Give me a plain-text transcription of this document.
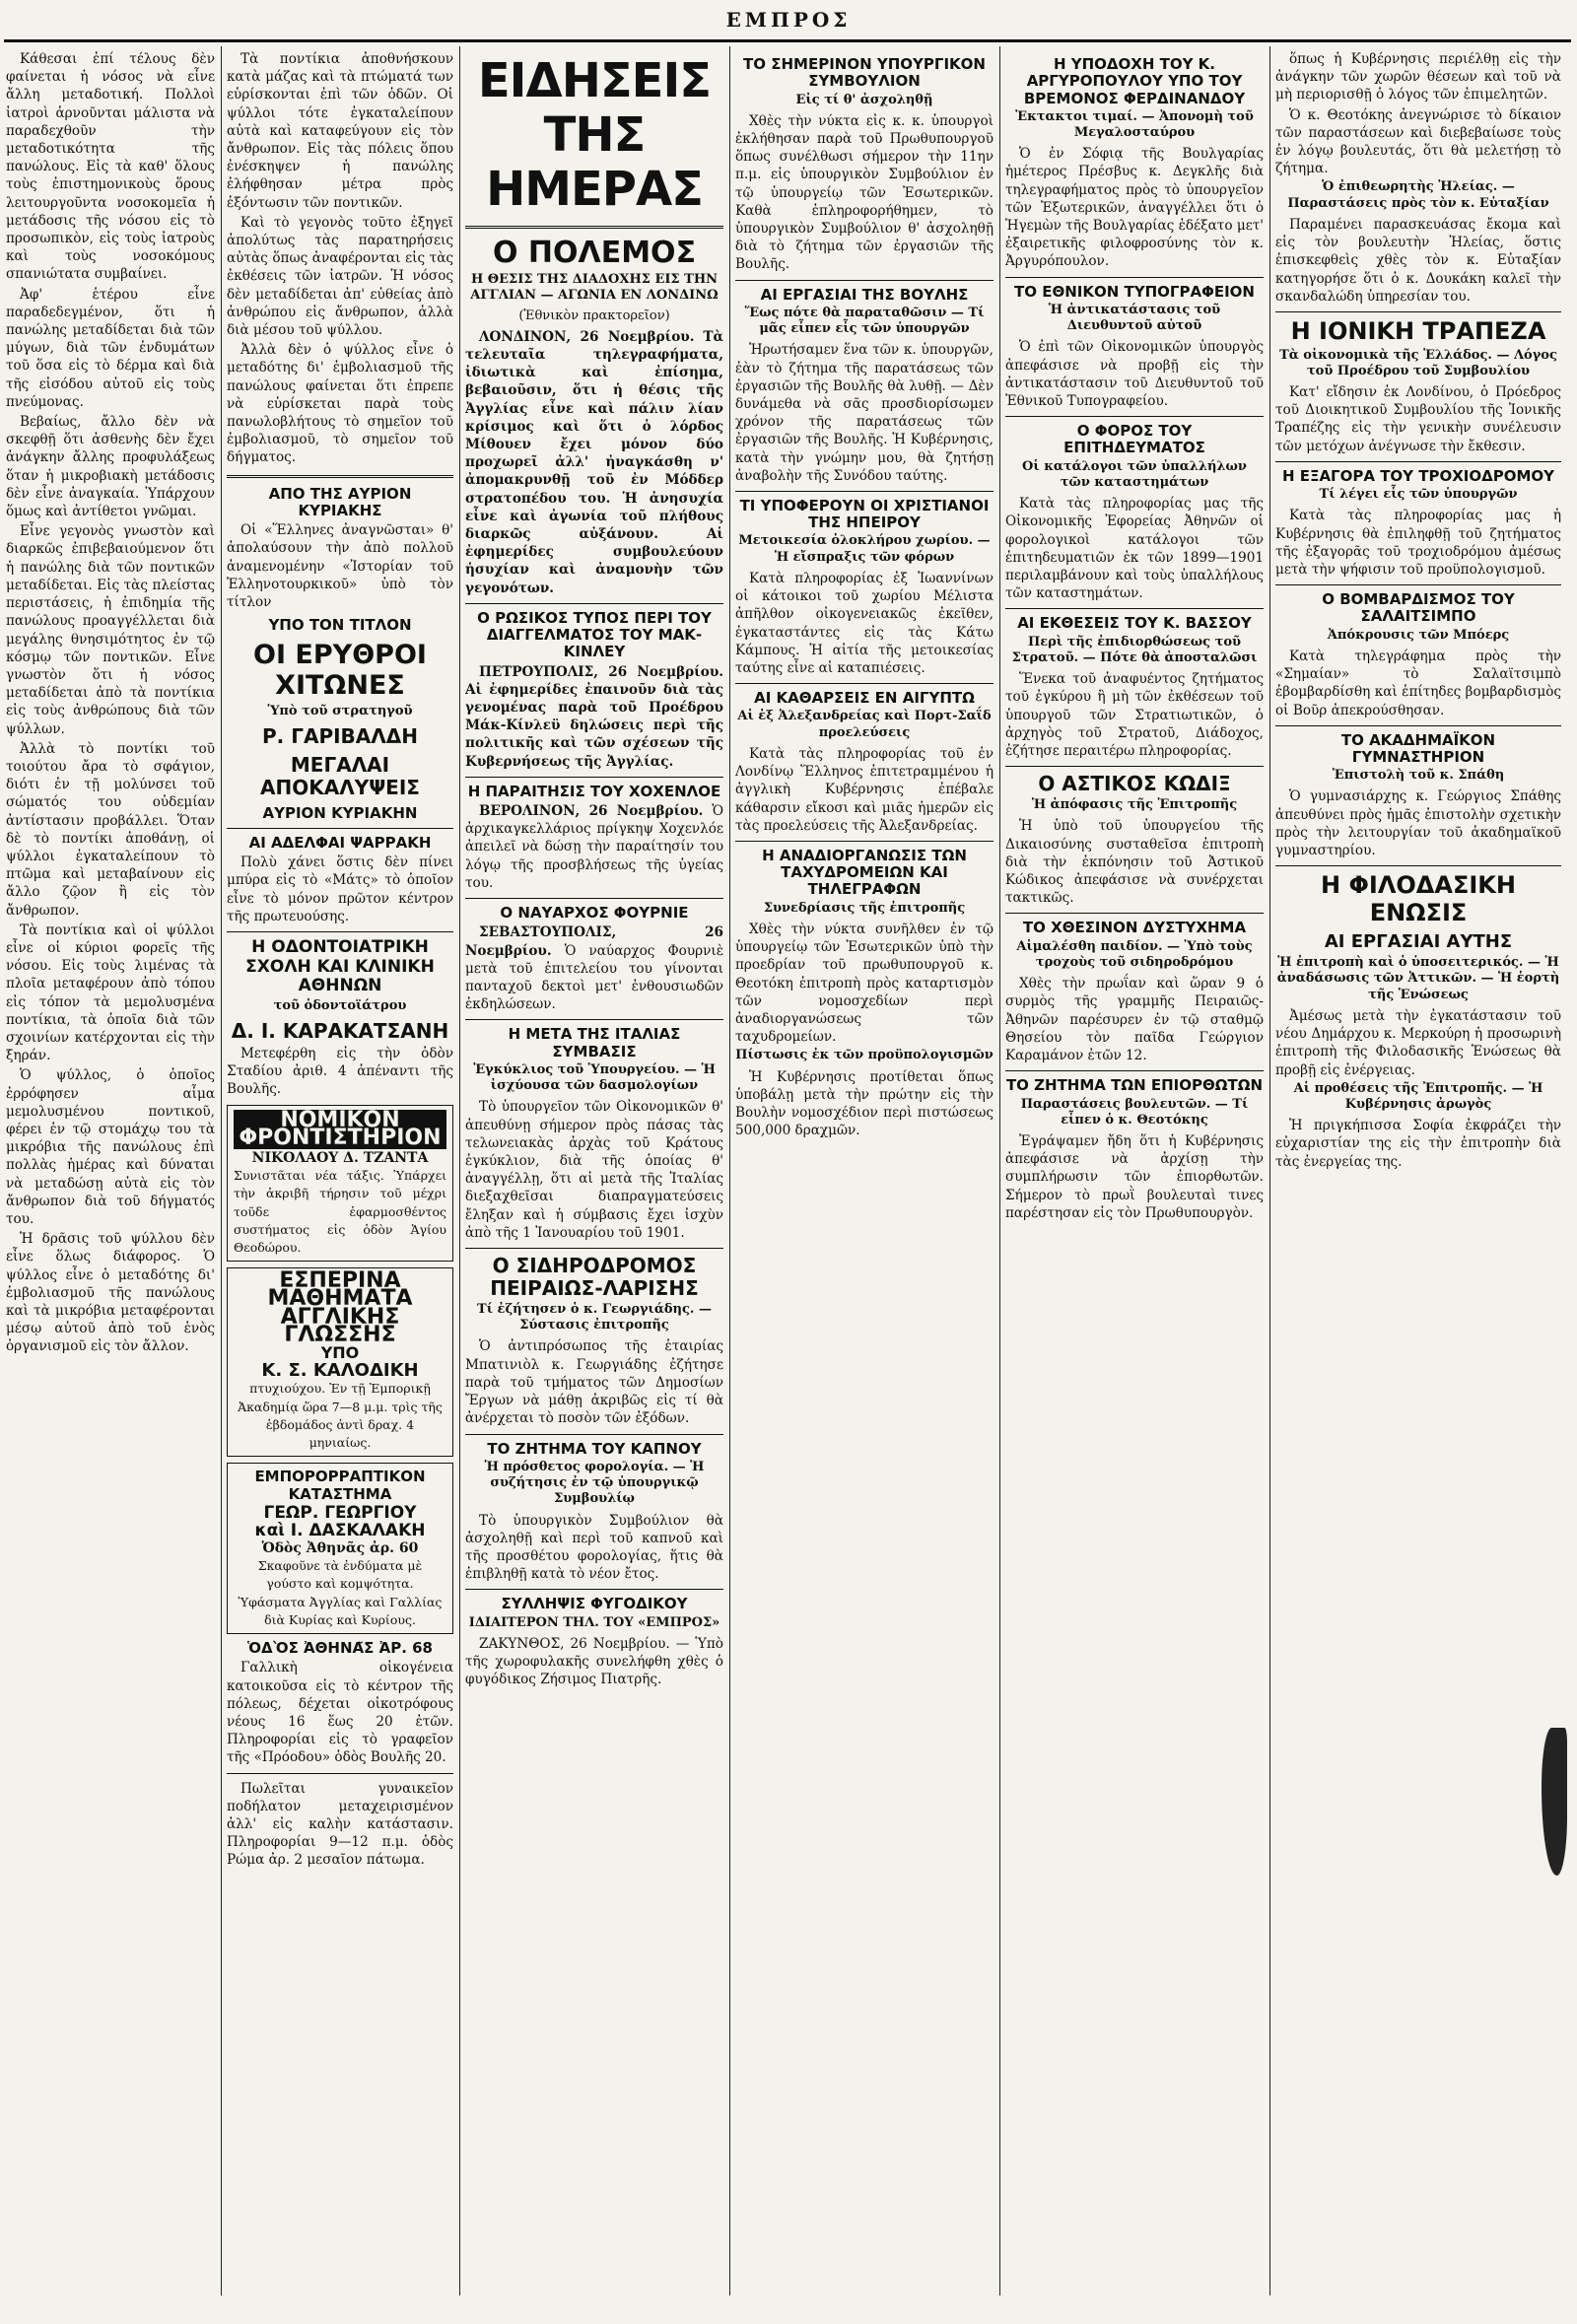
ΕΜΠΡΟΣ

Κάθεσαι ἐπί τέλους δὲν φαίνεται ἡ νόσος νὰ εἶνε ἄλλη μεταδοτική. Πολλοὶ ἰατροὶ ἀρνοῦνται μάλιστα νὰ παραδεχθοῦν τὴν μεταδοτικότητα τῆς πανώλους. Εἰς τὰ καθ' ὅλους τοὺς ἐπιστημονικοὺς ὅρους λειτουργοῦντα νοσοκομεῖα ἡ μετάδοσις τῆς νόσου εἰς τὸ προσωπικὸν, εἰς τοὺς ἰατροὺς καὶ τοὺς νοσοκόμους σπανιώτατα συμβαίνει.

Ἀφ' ἑτέρου εἶνε παραδεδεγμένον, ὅτι ἡ πανώλης μεταδίδεται διὰ τῶν μύγων, διὰ τῶν ἐνδυμάτων τοῦ ὅσα εἰς τὸ δέρμα καὶ διὰ τῆς εἰσόδου αὐτοῦ εἰς τοὺς πνεύμονας.

Βεβαίως, ἄλλο δὲν νὰ σκεφθῇ ὅτι ἀσθενὴς δὲν ἔχει ἀνάγκην ἄλλης προφυλάξεως ὅταν ἡ μικροβιακὴ μετάδοσις δὲν εἶνε ἀναγκαία. Ὑπάρχουν ὅμως καὶ ἀντίθετοι γνῶμαι.

Εἶνε γεγονὸς γνωστὸν καὶ διαρκῶς ἐπιβεβαιούμενον ὅτι ἡ πανώλης διὰ τῶν ποντικῶν μεταδίδεται. Εἰς τὰς πλείστας περιστάσεις, ἡ ἐπιδημία τῆς πανώλους προαγγέλλεται διὰ μεγάλης θνησιμότητος ἐν τῷ κόσμῳ τῶν ποντικῶν. Εἶνε γνωστὸν ὅτι ἡ νόσος μεταδίδεται ἀπὸ τὰ ποντίκια εἰς τοὺς ἀνθρώπους διὰ τῶν ψύλλων.

Ἀλλὰ τὸ ποντίκι τοῦ τοιούτου ἄρα τὸ σφάγιον, διότι ἐν τῇ μολύνσει τοῦ σώματός του οὐδεμίαν ἀντίστασιν προβάλλει. Ὅταν δὲ τὸ ποντίκι ἀποθάνῃ, οἱ ψύλλοι ἐγκαταλείπουν τὸ πτῶμα καὶ μεταβαίνουν εἰς ἄλλο ζῷον ἢ εἰς τὸν ἄνθρωπον.

Τὰ ποντίκια καὶ οἱ ψύλλοι εἶνε οἱ κύριοι φορεῖς τῆς νόσου. Εἰς τοὺς λιμένας τὰ πλοῖα μεταφέρουν ἀπὸ τόπου εἰς τόπον τὰ μεμολυσμένα ποντίκια, τὰ ὁποῖα διὰ τῶν σχοινίων κατέρχονται εἰς τὴν ξηράν.

Ὁ ψύλλος, ὁ ὁποῖος ἐρρόφησεν αἷμα μεμολυσμένου ποντικοῦ, φέρει ἐν τῷ στομάχῳ του τὰ μικρόβια τῆς πανώλους ἐπὶ πολλὰς ἡμέρας καὶ δύναται νὰ μεταδώσῃ αὐτὰ εἰς τὸν ἄνθρωπον διὰ τοῦ δήγματός του.

Ἡ δρᾶσις τοῦ ψύλλου δὲν εἶνε ὅλως διάφορος. Ὁ ψύλλος εἶνε ὁ μεταδότης δι' ἐμβολιασμοῦ τῆς πανώλους καὶ τὰ μικρόβια μεταφέρονται μέσῳ αὐτοῦ ἀπὸ τοῦ ἑνὸς ὀργανισμοῦ εἰς τὸν ἄλλον.

Τὰ ποντίκια ἀποθνήσκουν κατὰ μάζας καὶ τὰ πτώματά των εὑρίσκονται ἐπὶ τῶν ὁδῶν. Οἱ ψύλλοι τότε ἐγκαταλείπουν αὐτὰ καὶ καταφεύγουν εἰς τὸν ἄνθρωπον. Εἰς τὰς πόλεις ὅπου ἐνέσκηψεν ἡ πανώλης ἐλήφθησαν μέτρα πρὸς ἐξόντωσιν τῶν ποντικῶν.

Καὶ τὸ γεγονὸς τοῦτο ἐξηγεῖ ἀπολύτως τὰς παρατηρήσεις αὐτὰς ὅπως ἀναφέρονται εἰς τὰς ἐκθέσεις τῶν ἰατρῶν. Ἡ νόσος δὲν μεταδίδεται ἀπ' εὐθείας ἀπὸ ἀνθρώπου εἰς ἄνθρωπον, ἀλλὰ διὰ μέσου τοῦ ψύλλου.

Ἀλλὰ δὲν ὁ ψύλλος εἶνε ὁ μεταδότης δι' ἐμβολιασμοῦ τῆς πανώλους φαίνεται ὅτι ἐπρεπε νὰ εὑρίσκεται παρὰ τοὺς πανωλοβλήτους τὸ σημεῖον τοῦ ἐμβολιασμοῦ, τὸ σημεῖον τοῦ δήγματος.

ΑΠΟ ΤΗΣ ΑΥΡΙΟΝ ΚΥΡΙΑΚΗΣ

Οἱ «Ἕλληνες ἀναγνῶσται» θ' ἀπολαύσουν τὴν ἀπὸ πολλοῦ ἀναμενομένην «Ἱστορίαν τοῦ Ἑλληνοτουρκικοῦ» ὑπὸ τὸν τίτλον

ΥΠΟ ΤΟΝ ΤΙΤΛΟΝ
ΟΙ ΕΡΥΘΡΟΙ ΧΙΤΩΝΕΣ
Ὑπὸ τοῦ στρατηγοῦ
Ρ. ΓΑΡΙΒΑΛΔΗ
ΜΕΓΑΛΑΙ ΑΠΟΚΑΛΥΨΕΙΣ
ΑΥΡΙΟΝ ΚΥΡΙΑΚΗΝ
ΑΙ ΑΔΕΛΦΑΙ ΨΑΡΡΑΚΗ

Πολὺ χάνει ὅστις δὲν πίνει μπύρα εἰς τὸ «Μάτς» τὸ ὁποῖον εἶνε τὸ μόνον πρῶτον κέντρον τῆς πρωτευούσης.

Η ΟΔΟΝΤΟΙΑΤΡΙΚΗ ΣΧΟΛΗ ΚΑΙ ΚΛΙΝΙΚΗ ΑΘΗΝΩΝ
τοῦ ὀδοντοϊάτρου
Δ. Ι. ΚΑΡΑΚΑΤΣΑΝΗ

Μετεφέρθη εἰς τὴν ὁδὸν Σταδίου ἀριθ. 4 ἀπέναντι τῆς Βουλῆς.

ΝΟΜΙΚΟΝ ΦΡΟΝΤΙΣΤΗΡΙΟΝ
ΝΙΚΟΛΑΟΥ Δ. ΤΖΑΝΤΑ
Συνιστᾶται νέα τάξις. Ὑπάρχει τὴν ἀκριβῆ τήρησιν τοῦ μέχρι τοῦδε ἐφαρμοσθέντος συστήματος εἰς ὁδὸν Ἁγίου Θεοδώρου.
ΕΣΠΕΡΙΝΑ ΜΑΘΗΜΑΤΑ ΑΓΓΛΙΚΗΣ ΓΛΩΣΣΗΣ
ΥΠΟ
Κ. Σ. ΚΑΛΟΔΙΚΗ
πτυχιούχου. Ἐν τῇ Ἐμπορικῇ Ἀκαδημίᾳ ὥρα 7—8 μ.μ. τρὶς τῆς ἑβδομάδος ἀντὶ δραχ. 4 μηνιαίως.
ΕΜΠΟΡΟΡΡΑΠΤΙΚΟΝ ΚΑΤΑΣΤΗΜΑ
ΓΕΩΡ. ΓΕΩΡΓΙΟΥ
καὶ Ι. ΔΑΣΚΑΛΑΚΗ
Ὁδὸς Ἀθηνᾶς ἀρ. 60
Σκαφοῦνε τὰ ἐνδύματα μὲ γούστο καὶ κομψότητα. Ὑφάσματα Ἀγγλίας καὶ Γαλλίας διὰ Κυρίας καὶ Κυρίους.
ὉΔῸΣ ἈΘΗΝΑ͂Σ ἈΡ. 68

Γαλλικὴ οἰκογένεια κατοικοῦσα εἰς τὸ κέντρον τῆς πόλεως, δέχεται οἰκοτρόφους νέους 16 ἕως 20 ἐτῶν. Πληροφορίαι εἰς τὸ γραφεῖον τῆς «Πρόοδου» ὁδὸς Βουλῆς 20.

Πωλεῖται γυναικεῖον ποδήλατον μεταχειρισμένον ἀλλ' εἰς καλὴν κατάστασιν. Πληροφορίαι 9—12 π.μ. ὁδὸς Ρώμα ἀρ. 2 μεσαῖον πάτωμα.

ΕΙΔΗΣΕΙΣ ΤΗΣ ΗΜΕΡΑΣ
Ο ΠΟΛΕΜΟΣ
Η ΘΕΣΙΣ ΤΗΣ ΔΙΑΔΟΧΗΣ ΕΙΣ ΤΗΝ ΑΓΓΛΙΑΝ — ΑΓΩΝΙΑ ΕΝ ΛΟΝΔΙΝΩ
(Ἐθνικὸν πρακτορεῖον)

ΛΟΝΔΙΝΟΝ, 26 Νοεμβρίου. Τὰ τελευταῖα τηλεγραφήματα, ἰδιωτικὰ καὶ ἐπίσημα, βεβαιοῦσιν, ὅτι ἡ θέσις τῆς Ἀγγλίας εἶνε καὶ πάλιν λίαν κρίσιμος καὶ ὅτι ὁ λόρδος Μίθουεν ἔχει μόνον δύο προχωρεῖ ἀλλ' ἠναγκάσθη ν' ἀπομακρυνθῇ τοῦ ἐν Μόδδερ στρατοπέδου του. Ἡ ἀνησυχία εἶνε καὶ ἀγωνία τοῦ πλήθους διαρκῶς αὐξάνουν. Αἱ ἐφημερίδες συμβουλεύουν ἡσυχίαν καὶ ἀναμονὴν τῶν γεγονότων.

Ο ΡΩΣΙΚΟΣ ΤΥΠΟΣ ΠΕΡΙ ΤΟΥ ΔΙΑΓΓΕΛΜΑΤΟΣ ΤΟΥ ΜΑΚ-ΚΙΝΛΕΥ

ΠΕΤΡΟΥΠΟΛΙΣ, 26 Νοεμβρίου. Αἱ ἐφημερίδες ἐπαινοῦν διὰ τὰς γενομένας παρὰ τοῦ Προέδρου Μάκ-Κίνλεϋ δηλώσεις περὶ τῆς πολιτικῆς καὶ τῶν σχέσεων τῆς Κυβερνήσεως τῆς Ἀγγλίας.

Η ΠΑΡΑΙΤΗΣΙΣ ΤΟΥ ΧΟΧΕΝΛΟΕ

ΒΕΡΟΛΙΝΟΝ, 26 Νοεμβρίου. Ὁ ἀρχικαγκελλάριος πρίγκηψ Χοχενλόε ἀπειλεῖ νὰ δώσῃ τὴν παραίτησίν του λόγῳ τῆς προσβλήσεως τῆς ὑγείας του.

Ο ΝΑΥΑΡΧΟΣ ΦΟΥΡΝΙΕ

ΣΕΒΑΣΤΟΥΠΟΛΙΣ, 26 Νοεμβρίου. Ὁ ναύαρχος Φουρνιὲ μετὰ τοῦ ἐπιτελείου του γίνονται πανταχοῦ δεκτοὶ μετ' ἐνθουσιωδῶν ἐκδηλώσεων.

Η ΜΕΤΑ ΤΗΣ ΙΤΑΛΙΑΣ ΣΥΜΒΑΣΙΣ
Ἐγκύκλιος τοῦ Ὑπουργείου. — Ἡ ἰσχύουσα τῶν δασμολογίων

Τὸ ὑπουργεῖον τῶν Οἰκονομικῶν θ' ἀπευθύνῃ σήμερον πρὸς πάσας τὰς τελωνειακὰς ἀρχὰς τοῦ Κράτους ἐγκύκλιον, διὰ τῆς ὁποίας θ' ἀναγγέλλῃ, ὅτι αἱ μετὰ τῆς Ἰταλίας διεξαχθεῖσαι διαπραγματεύσεις ἔληξαν καὶ ἡ σύμβασις ἔχει ἰσχὺν ἀπὸ τῆς 1 Ἰανουαρίου τοῦ 1901.

Ο ΣΙΔΗΡΟΔΡΟΜΟΣ ΠΕΙΡΑΙΩΣ-ΛΑΡΙΣΗΣ
Τί ἐζήτησεν ὁ κ. Γεωργιάδης. — Σύστασις ἐπιτροπῆς

Ὁ ἀντιπρόσωπος τῆς ἑταιρίας Μπατινιὸλ κ. Γεωργιάδης ἐζήτησε παρὰ τοῦ τμήματος τῶν Δημοσίων Ἔργων νὰ μάθῃ ἀκριβῶς εἰς τί θὰ ἀνέρχεται τὸ ποσὸν τῶν ἐξόδων.

ΤΟ ΖΗΤΗΜΑ ΤΟΥ ΚΑΠΝΟΥ
Ἡ πρόσθετος φορολογία. — Ἡ συζήτησις ἐν τῷ ὑπουργικῷ Συμβουλίῳ

Τὸ ὑπουργικὸν Συμβούλιον θὰ ἀσχοληθῇ καὶ περὶ τοῦ καπνοῦ καὶ τῆς προσθέτου φορολογίας, ἥτις θὰ ἐπιβληθῇ κατὰ τὸ νέον ἔτος.

ΣΥΛΛΗΨΙΣ ΦΥΓΟΔΙΚΟΥ
ΙΔΙΑΙΤΕΡΟΝ ΤΗΛ. ΤΟΥ «ΕΜΠΡΟΣ»

ΖΑΚΥΝΘΟΣ, 26 Νοεμβρίου. — Ὑπὸ τῆς χωροφυλακῆς συνελήφθη χθὲς ὁ φυγόδικος Ζήσιμος Πιατρῆς.

ΤΟ ΣΗΜΕΡΙΝΟΝ ΥΠΟΥΡΓΙΚΟΝ ΣΥΜΒΟΥΛΙΟΝ
Εἰς τί θ' ἀσχοληθῇ

Χθὲς τὴν νύκτα εἰς κ. κ. ὑπουργοὶ ἐκλήθησαν παρὰ τοῦ Πρωθυπουργοῦ ὅπως συνέλθωσι σήμερον τὴν 11ην π.μ. εἰς ὑπουργικὸν Συμβούλιον ἐν τῷ ὑπουργείῳ τῶν Ἐσωτερικῶν. Καθὰ ἐπληροφορήθημεν, τὸ ὑπουργικὸν Συμβούλιον θ' ἀσχοληθῇ διὰ τὸ ζήτημα τῶν ἐργασιῶν τῆς Βουλῆς.

ΑΙ ΕΡΓΑΣΙΑΙ ΤΗΣ ΒΟΥΛΗΣ
Ἕως πότε θὰ παραταθῶσιν — Τί μᾶς εἶπεν εἷς τῶν ὑπουργῶν

Ἠρωτήσαμεν ἕνα τῶν κ. ὑπουργῶν, ἐὰν τὸ ζήτημα τῆς παρατάσεως τῶν ἐργασιῶν τῆς Βουλῆς θὰ λυθῇ. — Δὲν δυνάμεθα νὰ σᾶς προσδιορίσωμεν χρόνον τῆς παρατάσεως τῶν ἐργασιῶν τῆς Βουλῆς. Ἡ Κυβέρνησις, κατὰ τὴν γνώμην μου, θὰ ζητήσῃ ἀναβολὴν τῆς Συνόδου ταύτης.

ΤΙ ΥΠΟΦΕΡΟΥΝ ΟΙ ΧΡΙΣΤΙΑΝΟΙ ΤΗΣ ΗΠΕΙΡΟΥ
Μετοικεσία ὁλοκλήρου χωρίου. — Ἡ εἴσπραξις τῶν φόρων

Κατὰ πληροφορίας ἐξ Ἰωαννίνων οἱ κάτοικοι τοῦ χωρίου Μέλιστα ἀπῆλθον οἰκογενειακῶς ἐκεῖθεν, ἐγκαταστάντες εἰς τὰς Κάτω Κάμπους. Ἡ αἰτία τῆς μετοικεσίας ταύτης εἶνε αἱ καταπιέσεις.

ΑΙ ΚΑΘΑΡΣΕΙΣ ΕΝ ΑΙΓΥΠΤΩ
Αἱ ἐξ Ἀλεξανδρείας καὶ Πορτ-Σαΐδ προελεύσεις

Κατὰ τὰς πληροφορίας τοῦ ἐν Λονδίνῳ Ἕλληνος ἐπιτετραμμένου ἡ ἀγγλικὴ Κυβέρνησις ἐπέβαλε κάθαρσιν εἴκοσι καὶ μιᾶς ἡμερῶν εἰς τὰς προελεύσεις τῆς Ἀλεξανδρείας.

Η ΑΝΑΔΙΟΡΓΑΝΩΣΙΣ ΤΩΝ ΤΑΧΥΔΡΟΜΕΙΩΝ ΚΑΙ ΤΗΛΕΓΡΑΦΩΝ
Συνεδρίασις τῆς ἐπιτροπῆς

Χθὲς τὴν νύκτα συνῆλθεν ἐν τῷ ὑπουργείῳ τῶν Ἐσωτερικῶν ὑπὸ τὴν προεδρίαν τοῦ πρωθυπουργοῦ κ. Θεοτόκη ἐπιτροπὴ πρὸς καταρτισμὸν τῶν νομοσχεδίων περὶ ἀναδιοργανώσεως τῶν ταχυδρομείων.

Πίστωσις ἐκ τῶν προϋπολογισμῶν

Ἡ Κυβέρνησις προτίθεται ὅπως ὑποβάλῃ μετὰ τὴν πρώτην εἰς τὴν Βουλὴν νομοσχέδιον περὶ πιστώσεως 500,000 δραχμῶν.

Η ΥΠΟΔΟΧΗ ΤΟΥ Κ. ΑΡΓΥΡΟΠΟΥΛΟΥ ΥΠΟ ΤΟΥ ΒΡΕΜΟΝΟΣ ΦΕΡΔΙΝΑΝΔΟΥ
Ἐκτακτοι τιμαί. — Ἀπονομὴ τοῦ Μεγαλοσταύρου

Ὁ ἐν Σόφιᾳ τῆς Βουλγαρίας ἡμέτερος Πρέσβυς κ. Δεγκλῆς διὰ τηλεγραφήματος πρὸς τὸ ὑπουργεῖον τῶν Ἐξωτερικῶν, ἀναγγέλλει ὅτι ὁ Ἡγεμὼν τῆς Βουλγαρίας ἐδέξατο μετ' ἐξαιρετικῆς φιλοφροσύνης τὸν κ. Ἀργυρόπουλον.

ΤΟ ΕΘΝΙΚΟΝ ΤΥΠΟΓΡΑΦΕΙΟΝ
Ἡ ἀντικατάστασις τοῦ Διευθυντοῦ αὐτοῦ

Ὁ ἐπὶ τῶν Οἰκονομικῶν ὑπουργὸς ἀπεφάσισε νὰ προβῇ εἰς τὴν ἀντικατάστασιν τοῦ Διευθυντοῦ τοῦ Ἐθνικοῦ Τυπογραφείου.

Ο ΦΟΡΟΣ ΤΟΥ ΕΠΙΤΗΔΕΥΜΑΤΟΣ
Οἱ κατάλογοι τῶν ὑπαλλήλων τῶν καταστημάτων

Κατὰ τὰς πληροφορίας μας τῆς Οἰκονομικῆς Ἐφορείας Ἀθηνῶν οἱ φορολογικοὶ κατάλογοι τῶν ἐπιτηδευματιῶν ἐκ τῶν 1899—1901 περιλαμβάνουν καὶ τοὺς ὑπαλλήλους τῶν καταστημάτων.

ΑΙ ΕΚΘΕΣΕΙΣ ΤΟΥ Κ. ΒΑΣΣΟΥ
Περὶ τῆς ἐπιδιορθώσεως τοῦ Στρατοῦ. — Πότε θὰ ἀποσταλῶσι

Ἕνεκα τοῦ ἀναφυέντος ζητήματος τοῦ ἐγκύρου ἢ μὴ τῶν ἐκθέσεων τοῦ ὑπουργοῦ τῶν Στρατιωτικῶν, ὁ ἀρχηγὸς τοῦ Στρατοῦ, Διάδοχος, ἐζήτησε περαιτέρω πληροφορίας.

Ο ΑΣΤΙΚΟΣ ΚΩΔΙΞ
Ἡ ἀπόφασις τῆς Ἐπιτροπῆς

Ἡ ὑπὸ τοῦ ὑπουργείου τῆς Δικαιοσύνης συσταθεῖσα ἐπιτροπὴ διὰ τὴν ἐκπόνησιν τοῦ Ἀστικοῦ Κώδικος ἀπεφάσισε νὰ συνέρχεται τακτικῶς.

ΤΟ ΧΘΕΣΙΝΟΝ ΔΥΣΤΥΧΗΜΑ
Αἱμαλέσθη παιδίον. — Ὑπὸ τοὺς τροχοὺς τοῦ σιδηροδρόμου

Χθὲς τὴν πρωΐαν καὶ ὥραν 9 ὁ συρμὸς τῆς γραμμῆς Πειραιῶς-Ἀθηνῶν παρέσυρεν ἐν τῷ σταθμῷ Θησείου τὸν παῖδα Γεώργιον Καραμάνον ἐτῶν 12.

ΤΟ ΖΗΤΗΜΑ ΤΩΝ ΕΠΙΟΡΘΩΤΩΝ
Παραστάσεις βουλευτῶν. — Τί εἶπεν ὁ κ. Θεοτόκης

Ἐγράψαμεν ἤδη ὅτι ἡ Κυβέρνησις ἀπεφάσισε νὰ ἀρχίσῃ τὴν συμπλήρωσιν τῶν ἐπιορθωτῶν. Σήμερον τὸ πρωῒ βουλευταὶ τινες παρέστησαν εἰς τὸν Πρωθυπουργὸν.

ὅπως ἡ Κυβέρνησις περιέλθῃ εἰς τὴν ἀνάγκην τῶν χωρῶν θέσεων καὶ τοῦ νὰ μὴ περιορισθῇ ὁ λόγος τῶν ἐπιμελητῶν.

Ὁ κ. Θεοτόκης ἀνεγνώρισε τὸ δίκαιον τῶν παραστάσεων καὶ διεβεβαίωσε τοὺς ἐν λόγῳ βουλευτάς, ὅτι θὰ μελετήσῃ τὸ ζήτημα.

Ὁ ἐπιθεωρητὴς Ἠλείας. — Παραστάσεις πρὸς τὸν κ. Εὐταξίαν

Παραμένει παρασκευάσας ἔκομα καὶ εἰς τὸν βουλευτὴν Ἠλείας, ὅστις ἐπισκεφθεὶς χθὲς τὸν κ. Εὐταξίαν κατηγορήσε ὅτι ὁ κ. Δουκάκη καλεῖ τὴν σκανδαλώδη ὑπηρεσίαν του.

Η ΙΟΝΙΚΗ ΤΡΑΠΕΖΑ
Τὰ οἰκονομικὰ τῆς Ἑλλάδος. — Λόγος τοῦ Προέδρου τοῦ Συμβουλίου

Κατ' εἴδησιν ἐκ Λονδίνου, ὁ Πρόεδρος τοῦ Διοικητικοῦ Συμβουλίου τῆς Ἰονικῆς Τραπέζης εἰς τὴν γενικὴν συνέλευσιν τῶν μετόχων ἀνέγνωσε τὴν ἔκθεσιν.

Η ΕΞΑΓΟΡΑ ΤΟΥ ΤΡΟΧΙΟΔΡΟΜΟΥ
Τί λέγει εἷς τῶν ὑπουργῶν

Κατὰ τὰς πληροφορίας μας ἡ Κυβέρνησις θὰ ἐπιληφθῇ τοῦ ζητήματος τῆς ἐξαγορᾶς τοῦ τροχιοδρόμου ἀμέσως μετὰ τὴν ψήφισιν τοῦ προϋπολογισμοῦ.

Ο ΒΟΜΒΑΡΔΙΣΜΟΣ ΤΟΥ ΣΑΛΑΙΤΣΙΜΠΟ
Ἀπόκρουσις τῶν Μπόερς

Κατὰ τηλεγράφημα πρὸς τὴν «Σημαίαν» τὸ Σαλαϊτσιμπὸ ἐβομβαρδίσθη καὶ ἐπίτηδες βομβαρδισμὸς οἱ Βοῦρ ἀπεκρούσθησαν.

ΤΟ ΑΚΑΔΗΜΑΪΚΟΝ ΓΥΜΝΑΣΤΗΡΙΟΝ
Ἐπιστολὴ τοῦ κ. Σπάθη

Ὁ γυμνασιάρχης κ. Γεώργιος Σπάθης ἀπευθύνει πρὸς ἡμᾶς ἐπιστολὴν σχετικὴν πρὸς τὴν λειτουργίαν τοῦ ἀκαδημαϊκοῦ γυμναστηρίου.

Η ΦΙΛΟΔΑΣΙΚΗ ΕΝΩΣΙΣ
ΑΙ ΕΡΓΑΣΙΑΙ ΑΥΤΗΣ
Ἡ ἐπιτροπὴ καὶ ὁ ὑποσειτερικός. — Ἡ ἀναδάσωσις τῶν Ἀττικῶν. — Ἡ ἑορτὴ τῆς Ἑνώσεως

Ἀμέσως μετὰ τὴν ἐγκατάστασιν τοῦ νέου Δημάρχου κ. Μερκούρη ἡ προσωρινὴ ἐπιτροπὴ τῆς Φιλοδασικῆς Ἑνώσεως θὰ προβῇ εἰς ἐνέργειας.

Αἱ προθέσεις τῆς Ἐπιτροπῆς. — Ἡ Κυβέρνησις ἀρωγὸς

Ἡ πριγκήπισσα Σοφία ἐκφράζει τὴν εὐχαριστίαν της εἰς τὴν ἐπιτροπὴν διὰ τὰς ἐνεργείας της.
